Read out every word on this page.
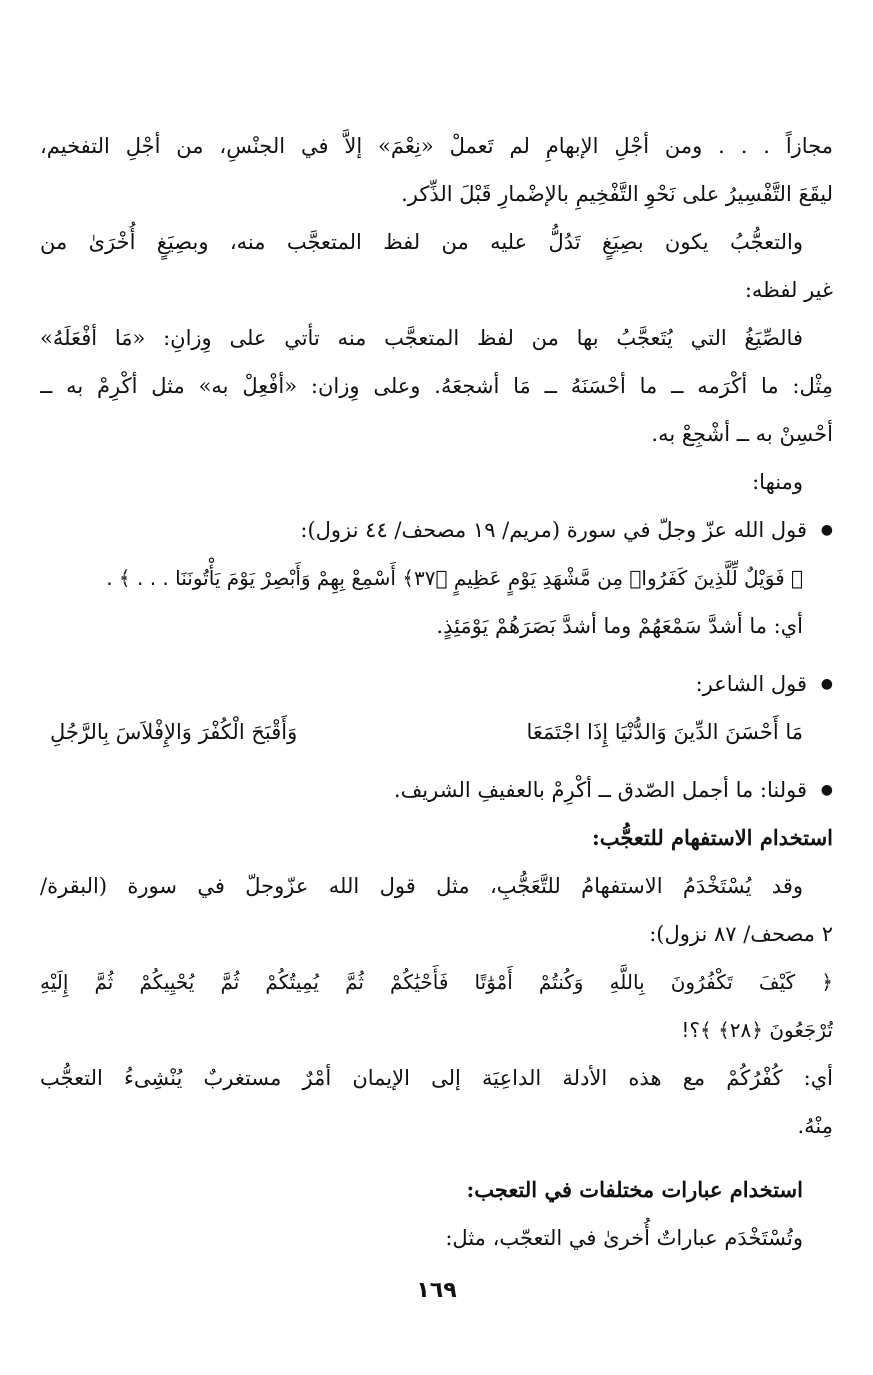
مجازاً . . . ومن أجْلِ الإبهامِ لم تَعملْ «نِعْمَ» إلاَّ في الجنْسِ، من أجْلِ التفخيم،
ليقَعَ التَّفْسِيرُ على نَحْوِ التَّفْخِيمِ بالإضْمارِ قَبْلَ الذِّكر.
والتعجُّبُ يكون بصِيَغٍ تَدُلُّ عليه من لفظ المتعجَّب منه، وبصِيَغٍ أُخْرَىٰ من
غير لفظه:
فالصِّيَغُ التي يُتَعجَّبُ بها من لفظ المتعجَّب منه تأتي على وِزانِ: «مَا أفْعَلَهُ»
مِثْل: ما أكْرَمه ــ ما أحْسَنَهُ ــ مَا أشجعَهُ. وعلى وِزان: «أفْعِلْ به» مثل أكْرِمْ به ــ
أحْسِنْ به ــ أشْجِعْ به.
ومنها:
●
قول الله عزّ وجلّ في سورة (مريم/ ١٩ مصحف/ ٤٤ نزول):
﴿ فَوَيْلٌ لِّلَّذِينَ كَفَرُوا۟ مِن مَّشْهَدِ يَوْمٍ عَظِيمٍ ﴿٣٧﴾ أَسْمِعْ بِهِمْ وَأَبْصِرْ يَوْمَ يَأْتُونَنَا . . . ﴾ .
أي: ما أشدَّ سَمْعَهُمْ وما أشدَّ بَصَرَهُمْ يَوْمَئِذٍ.
●
قول الشاعر:
مَا أَحْسَنَ الدِّينَ وَالدُّنْيَا إِذَا اجْتَمَعَا
وَأَقْبَحَ الْكُفْرَ وَالإِفْلاَسَ بِالرَّجُلِ
●
قولنا: ما أجمل الصّدق ــ أكْرِمْ بالعفيفِ الشريف.
استخدام الاستفهام للتعجُّب:
وقد يُسْتَخْدَمُ الاستفهامُ للتَّعَجُّبِ، مثل قول الله عزّوجلّ في سورة (البقرة/
٢ مصحف/ ٨٧ نزول):
﴿ كَيْفَ تَكْفُرُونَ بِاللَّهِ وَكُنتُمْ أَمْوَٰتًا فَأَحْيَٰكُمْ ثُمَّ يُمِيتُكُمْ ثُمَّ يُحْيِيكُمْ ثُمَّ إِلَيْهِ
تُرْجَعُونَ ﴿٢٨﴾ ﴾؟!
أي: كُفْرُكُمْ مع هذه الأدلة الداعِيَة إلى الإيمان أمْرٌ مستغربٌ يُنْشِىءُ التعجُّب
مِنْهُ.
استخدام عبارات مختلفات في التعجب:
وتُسْتَخْدَم عباراتٌ أُخرىٰ في التعجّب، مثل:
١٦٩
